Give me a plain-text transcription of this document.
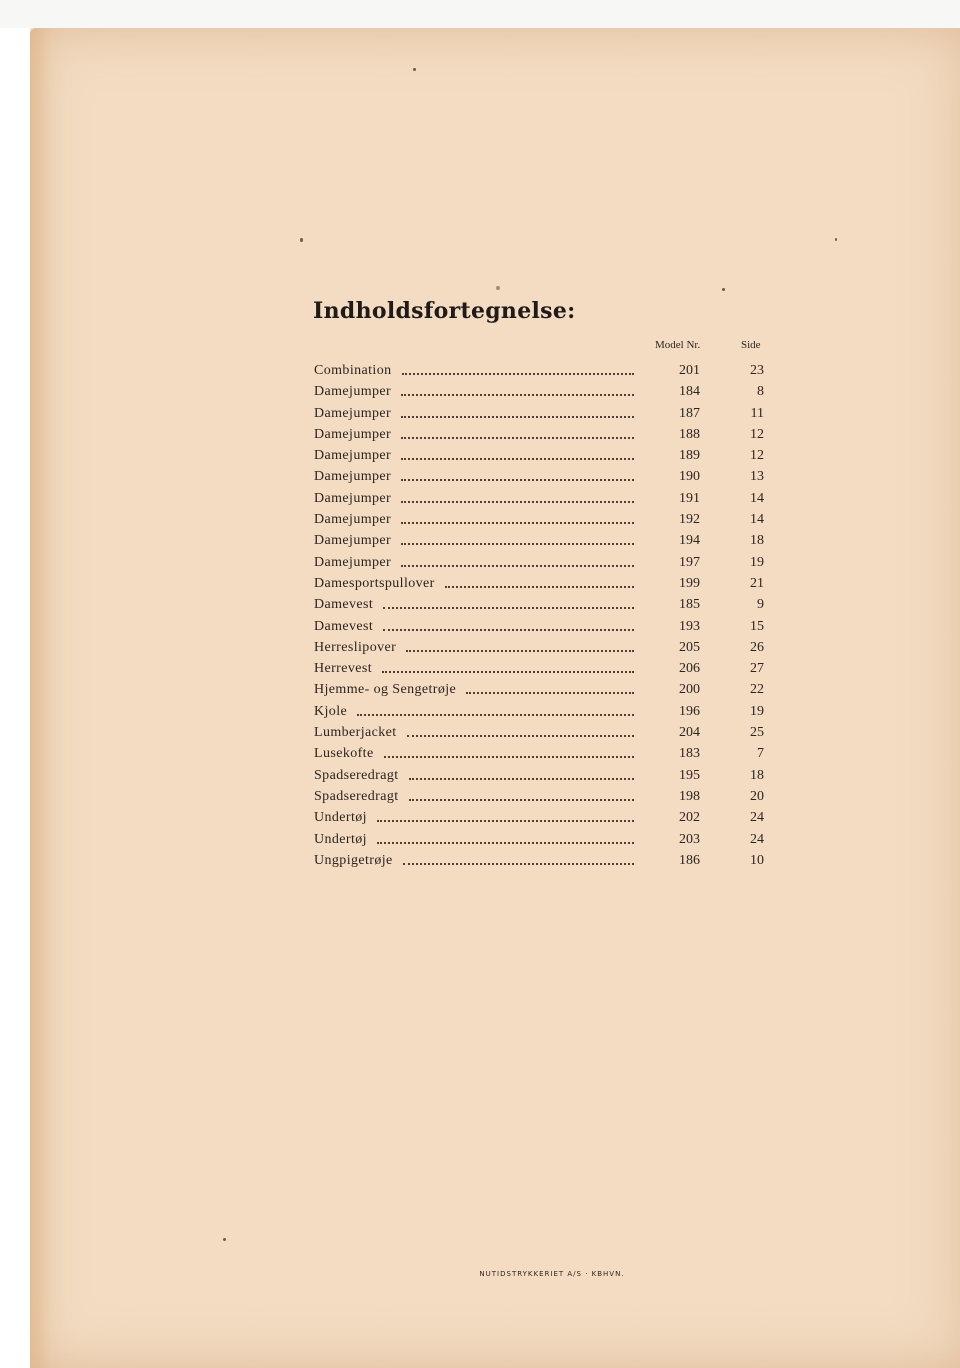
Indholdsfortegnelse:
Model Nr.	Side
Combination	201	23
Damejumper	184	8
Damejumper	187	11
Damejumper	188	12
Damejumper	189	12
Damejumper	190	13
Damejumper	191	14
Damejumper	192	14
Damejumper	194	18
Damejumper	197	19
Damesportspullover	199	21
Damevest	185	9
Damevest	193	15
Herreslipover	205	26
Herrevest	206	27
Hjemme- og Sengetrøje	200	22
Kjole	196	19
Lumberjacket	204	25
Lusekofte	183	7
Spadseredragt	195	18
Spadseredragt	198	20
Undertøj	202	24
Undertøj	203	24
Ungpigetrøje	186	10
NUTIDSTRYKKERIET A/S · KBHVN.
